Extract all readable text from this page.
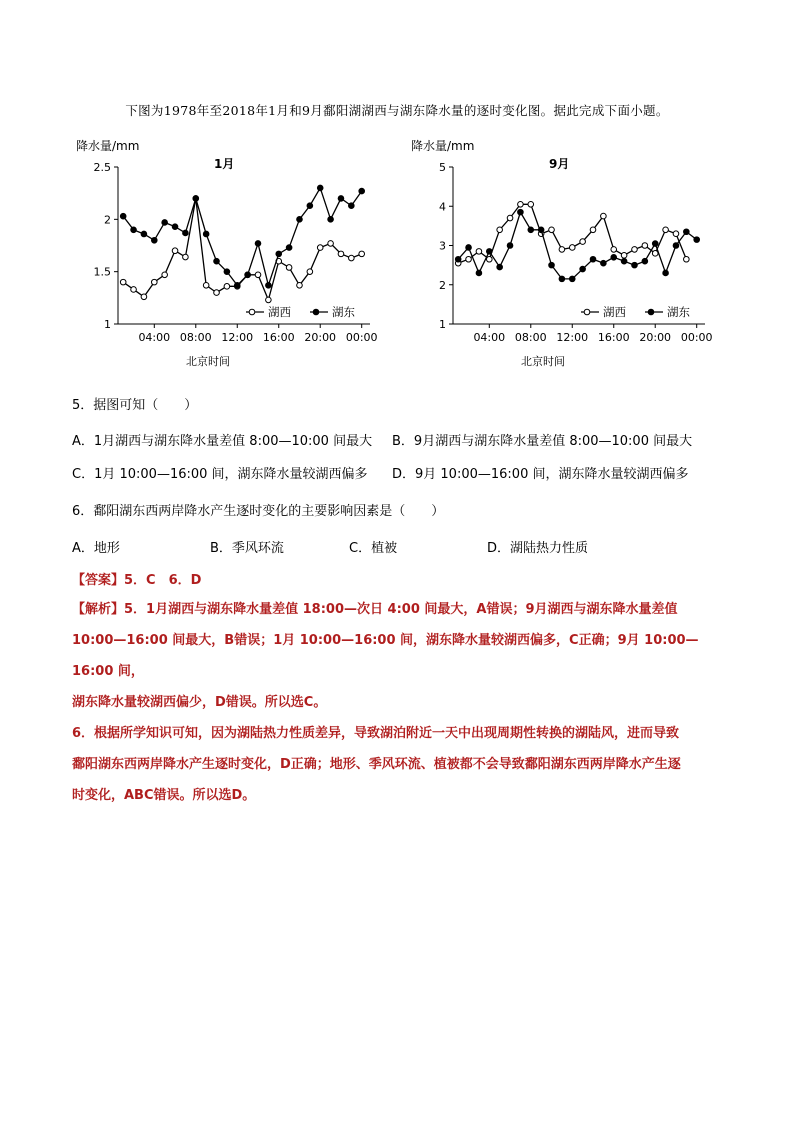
下图为1978年至2018年1月和9月鄱阳湖湖西与湖东降水量的逐时变化图。据此完成下面小题。
降水量/mm
1月
1
1.5
2
2.5
04:00 08:00 12:00 16:00 20:00 00:00
北京时间
湖西	湖东
降水量/mm
9月
1
2
3
4
5
04:00 08:00 12:00 16:00 20:00 00:00
北京时间
湖西	湖东
5．据图可知（　　）
A．1月湖西与湖东降水量差值 8:00—10:00 间最大 B．9月湖西与湖东降水量差值 8:00—10:00 间最大
C．1月 10:00—16:00 间，湖东降水量较湖西偏多 D．9月 10:00—16:00 间，湖东降水量较湖西偏多
6．鄱阳湖东西两岸降水产生逐时变化的主要影响因素是（　　）
A．地形	B．季风环流	C．植被	D．湖陆热力性质
【答案】5．C　6．D

【解析】5．1月湖西与湖东降水量差值 18:00—次日 4:00 间最大，A错误；9月湖西与湖东降水量差值

10:00—16:00 间最大，B错误；1月 10:00—16:00 间，湖东降水量较湖西偏多，C正确；9月 10:00—16:00 间，

湖东降水量较湖西偏少，D错误。所以选C。

6．根据所学知识可知，因为湖陆热力性质差异，导致湖泊附近一天中出现周期性转换的湖陆风，进而导致

鄱阳湖东西两岸降水产生逐时变化，D正确；地形、季风环流、植被都不会导致鄱阳湖东西两岸降水产生逐

时变化，ABC错误。所以选D。
